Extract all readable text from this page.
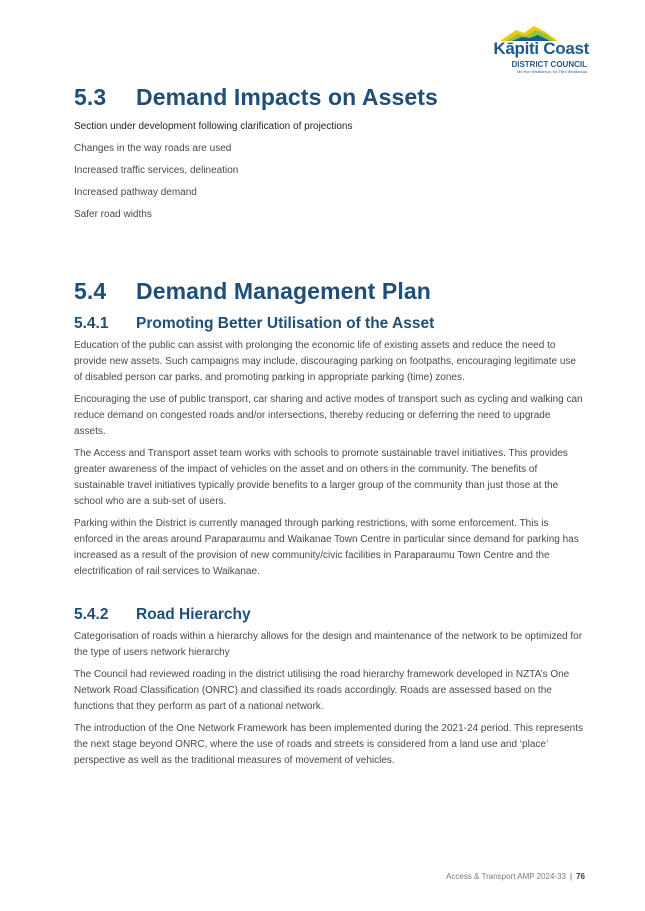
Kāpiti Coast
DISTRICT COUNCIL
Me Huri Whakamuri, Ka Titiro Whakamua
5.3 Demand Impacts on Assets

Section under development following clarification of projections

Changes in the way roads are used

Increased traffic services, delineation

Increased pathway demand

Safer road widths

5.4 Demand Management Plan
5.4.1 Promoting Better Utilisation of the Asset

Education of the public can assist with prolonging the economic life of existing assets and reduce the need to provide new assets. Such campaigns may include, discouraging parking on footpaths, encouraging legitimate use of disabled person car parks, and promoting parking in appropriate parking (time) zones.

Encouraging the use of public transport, car sharing and active modes of transport such as cycling and walking can reduce demand on congested roads and/or intersections, thereby reducing or deferring the need to upgrade assets.

The Access and Transport asset team works with schools to promote sustainable travel initiatives. This provides greater awareness of the impact of vehicles on the asset and on others in the community. The benefits of sustainable travel initiatives typically provide benefits to a larger group of the community than just those at the school who are a sub-set of users.

Parking within the District is currently managed through parking restrictions, with some enforcement. This is enforced in the areas around Paraparaumu and Waikanae Town Centre in particular since demand for parking has increased as a result of the provision of new community/civic facilities in Paraparaumu Town Centre and the electrification of rail services to Waikanae.

5.4.2 Road Hierarchy

Categorisation of roads within a hierarchy allows for the design and maintenance of the network to be optimized for the type of users network hierarchy

The Council had reviewed roading in the district utilising the road hierarchy framework developed in NZTA’s One Network Road Classification (ONRC) and classified its roads accordingly. Roads are assessed based on the functions that they perform as part of a national network.

The introduction of the One Network Framework has been implemented during the 2021-24 period. This represents the next stage beyond ONRC, where the use of roads and streets is considered from a land use and ‘place’ perspective as well as the traditional measures of movement of vehicles.

Access & Transport AMP 2024-33 | 76
